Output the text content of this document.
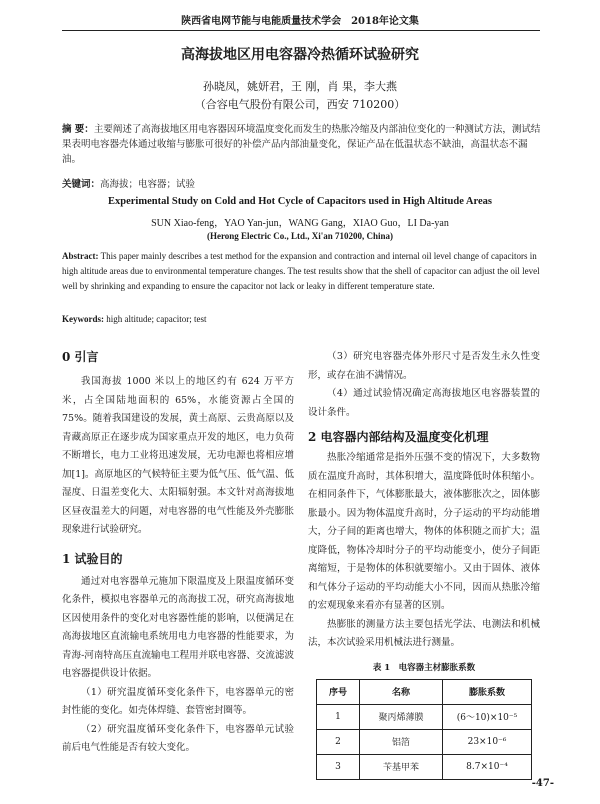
陕西省电网节能与电能质量技术学会　2018年论文集
高海拔地区用电容器冷热循环试验研究
孙晓凤，姚妍君，王 刚，肖 果，李大燕
（合容电气股份有限公司，西安 710200）
摘 要：主要阐述了高海拔地区用电容器因环境温度变化而发生的热胀冷缩及内部油位变化的一种测试方法，测试结果表明电容器壳体通过收缩与膨胀可很好的补偿产品内部油量变化，保证产品在低温状态不缺油，高温状态不漏油。
关键词：高海拔；电容器；试验
Experimental Study on Cold and Hot Cycle of Capacitors used in High Altitude Areas
SUN Xiao-feng，YAO Yan-jun，WANG Gang，XIAO Guo，LI Da-yan
(Herong Electric Co., Ltd., Xi'an 710200, China)
Abstract: This paper mainly describes a test method for the expansion and contraction and internal oil level change of capacitors in high altitude areas due to environmental temperature changes. The test results show that the shell of capacitor can adjust the oil level well by shrinking and expanding to ensure the capacitor not lack or leaky in different temperature state.
Keywords: high altitude; capacitor; test
0 引言

我国海拔 1000 米以上的地区约有 624 万平方米，占全国陆地面积的 65%，水能资源占全国的 75%。随着我国建设的发展，黄土高原、云贵高原以及青藏高原正在逐步成为国家重点开发的地区，电力负荷不断增长，电力工业将迅速发展，无功电源也将相应增加[1]。高原地区的气候特征主要为低气压、低气温、低湿度、日温差变化大、太阳辐射强。本文针对高海拔地区昼夜温差大的问题，对电容器的电气性能及外壳膨胀现象进行试验研究。

1 试验目的

通过对电容器单元施加下限温度及上限温度循环变化条件，模拟电容器单元的高海拔工况，研究高海拔地区因使用条件的变化对电容器性能的影响，以便满足在高海拔地区直流输电系统用电力电容器的性能要求，为青海-河南特高压直流输电工程用并联电容器、交流滤波电容器提供设计依据。

（1）研究温度循环变化条件下，电容器单元的密封性能的变化。如壳体焊缝、套管密封圈等。

（2）研究温度循环变化条件下，电容器单元试验前后电气性能是否有较大变化。

（3）研究电容器壳体外形尺寸是否发生永久性变形，或存在油不满情况。

（4）通过试验情况确定高海拔地区电容器装置的设计条件。

2 电容器内部结构及温度变化机理

热胀冷缩通常是指外压强不变的情况下，大多数物质在温度升高时，其体积增大，温度降低时体积缩小。在相同条件下，气体膨胀最大，液体膨胀次之，固体膨胀最小。因为物体温度升高时，分子运动的平均动能增大，分子间的距离也增大，物体的体积随之而扩大；温度降低，物体冷却时分子的平均动能变小，使分子间距离缩短，于是物体的体积就要缩小。又由于固体、液体和气体分子运动的平均动能大小不同，因而从热胀冷缩的宏观现象来看亦有显著的区别。

热膨胀的测量方法主要包括光学法、电测法和机械法，本次试验采用机械法进行测量。

表 1　电容器主材膨胀系数
序号	名称	膨胀系数
1	聚丙烯薄膜	(6～10)×10⁻⁵
2	铝箔	23×10⁻⁶
3	苄基甲苯	8.7×10⁻⁴
-47-
